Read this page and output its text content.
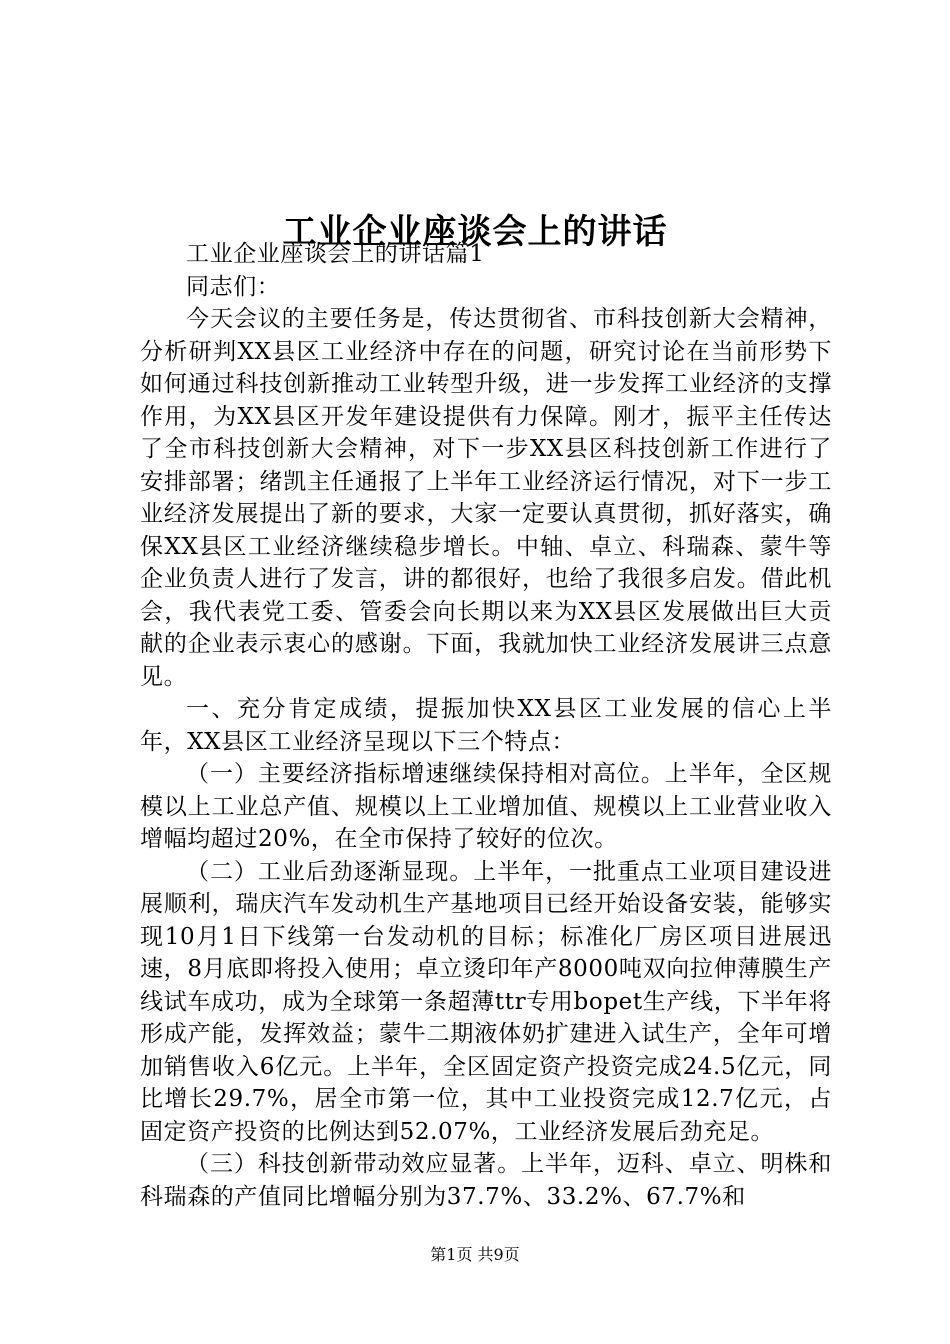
工业企业座谈会上的讲话

工业企业座谈会上的讲话篇1

同志们：

今天会议的主要任务是，传达贯彻省、市科技创新大会精神，分析研判XX县区工业经济中存在的问题，研究讨论在当前形势下如何通过科技创新推动工业转型升级，进一步发挥工业经济的支撑作用，为XX县区开发年建设提供有力保障。刚才，振平主任传达了全市科技创新大会精神，对下一步XX县区科技创新工作进行了安排部署；绪凯主任通报了上半年工业经济运行情况，对下一步工业经济发展提出了新的要求，大家一定要认真贯彻，抓好落实，确保XX县区工业经济继续稳步增长。中轴、卓立、科瑞森、蒙牛等企业负责人进行了发言，讲的都很好，也给了我很多启发。借此机会，我代表党工委、管委会向长期以来为XX县区发展做出巨大贡献的企业表示衷心的感谢。下面，我就加快工业经济发展讲三点意见。

一、充分肯定成绩，提振加快XX县区工业发展的信心上半年，XX县区工业经济呈现以下三个特点：

（一）主要经济指标增速继续保持相对高位。上半年，全区规模以上工业总产值、规模以上工业增加值、规模以上工业营业收入增幅均超过20%，在全市保持了较好的位次。

（二）工业后劲逐渐显现。上半年，一批重点工业项目建设进展顺利，瑞庆汽车发动机生产基地项目已经开始设备安装，能够实现10月1日下线第一台发动机的目标；标准化厂房区项目进展迅速，8月底即将投入使用；卓立烫印年产8000吨双向拉伸薄膜生产线试车成功，成为全球第一条超薄ttr专用bopet生产线，下半年将形成产能，发挥效益；蒙牛二期液体奶扩建进入试生产，全年可增加销售收入6亿元。上半年，全区固定资产投资完成24.5亿元，同比增长29.7%，居全市第一位，其中工业投资完成12.7亿元，占固定资产投资的比例达到52.07%，工业经济发展后劲充足。

（三）科技创新带动效应显著。上半年，迈科、卓立、明株和科瑞森的产值同比增幅分别为37.7%、33.2%、67.7%和

第1页 共9页
